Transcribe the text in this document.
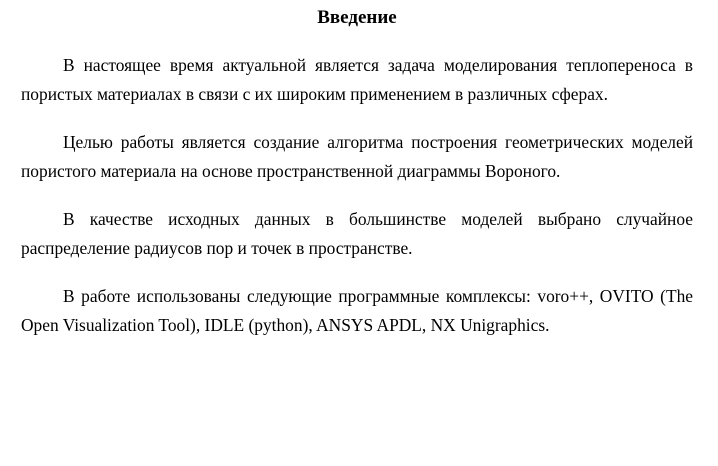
Введение

В настоящее время актуальной является задача моделирования теплопереноса в пористых материалах в связи с их широким применением в различных сферах.

Целью работы является создание алгоритма построения геометрических моделей пористого материала на основе пространственной диаграммы Вороного.

В качестве исходных данных в большинстве моделей выбрано случайное распределение радиусов пор и точек в пространстве.

В работе использованы следующие программные комплексы: voro++, OVITO (The Open Visualization Tool), IDLE (python), ANSYS APDL, NX Unigraphics.
